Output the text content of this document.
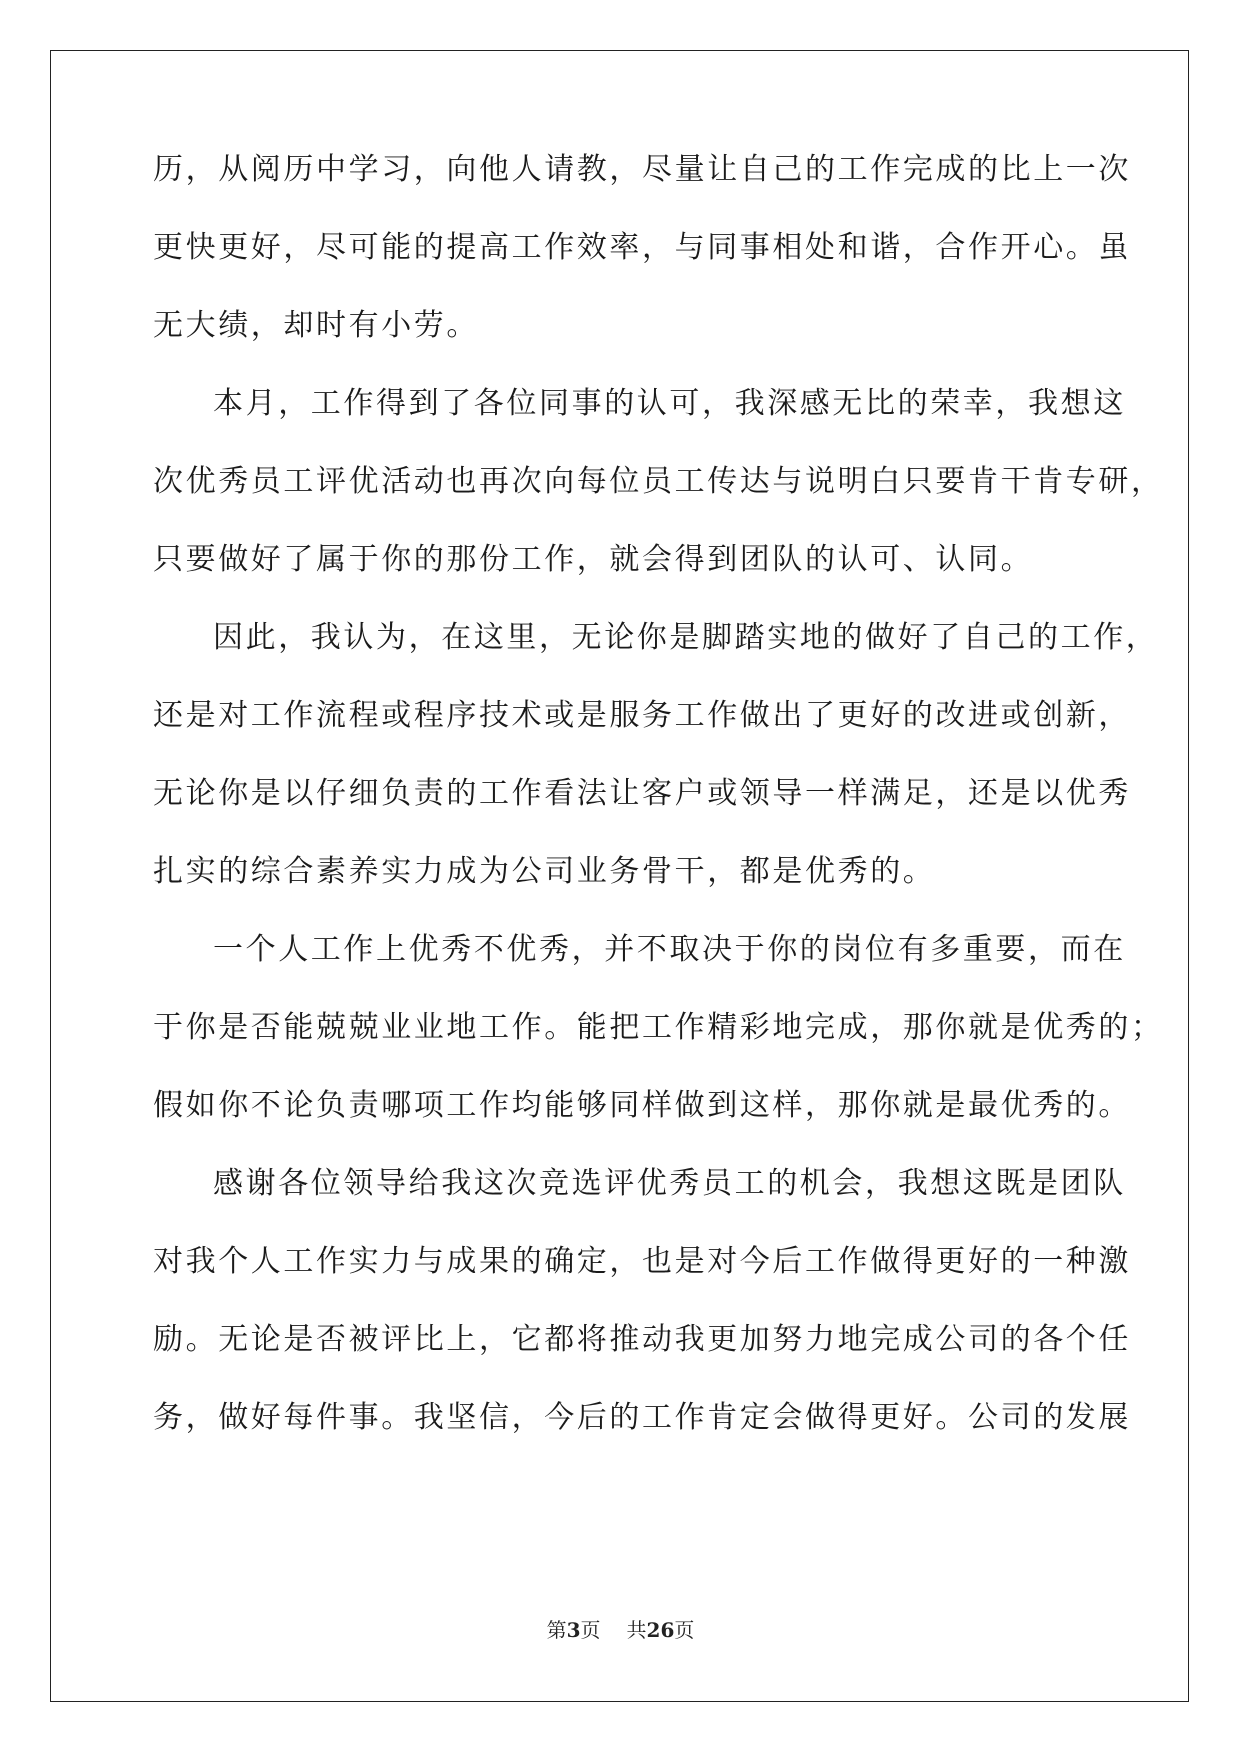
历，从阅历中学习，向他人请教，尽量让自己的工作完成的比上一次
更快更好，尽可能的提高工作效率，与同事相处和谐，合作开心。虽
无大绩，却时有小劳。
本月，工作得到了各位同事的认可，我深感无比的荣幸，我想这
次优秀员工评优活动也再次向每位员工传达与说明白只要肯干肯专研，
只要做好了属于你的那份工作，就会得到团队的认可、认同。
因此，我认为，在这里，无论你是脚踏实地的做好了自己的工作，
还是对工作流程或程序技术或是服务工作做出了更好的改进或创新，
无论你是以仔细负责的工作看法让客户或领导一样满足，还是以优秀
扎实的综合素养实力成为公司业务骨干，都是优秀的。
一个人工作上优秀不优秀，并不取决于你的岗位有多重要，而在
于你是否能兢兢业业地工作。能把工作精彩地完成，那你就是优秀的；
假如你不论负责哪项工作均能够同样做到这样，那你就是最优秀的。
感谢各位领导给我这次竞选评优秀员工的机会，我想这既是团队
对我个人工作实力与成果的确定，也是对今后工作做得更好的一种激
励。无论是否被评比上，它都将推动我更加努力地完成公司的各个任
务，做好每件事。我坚信，今后的工作肯定会做得更好。公司的发展
第3页 共26页
